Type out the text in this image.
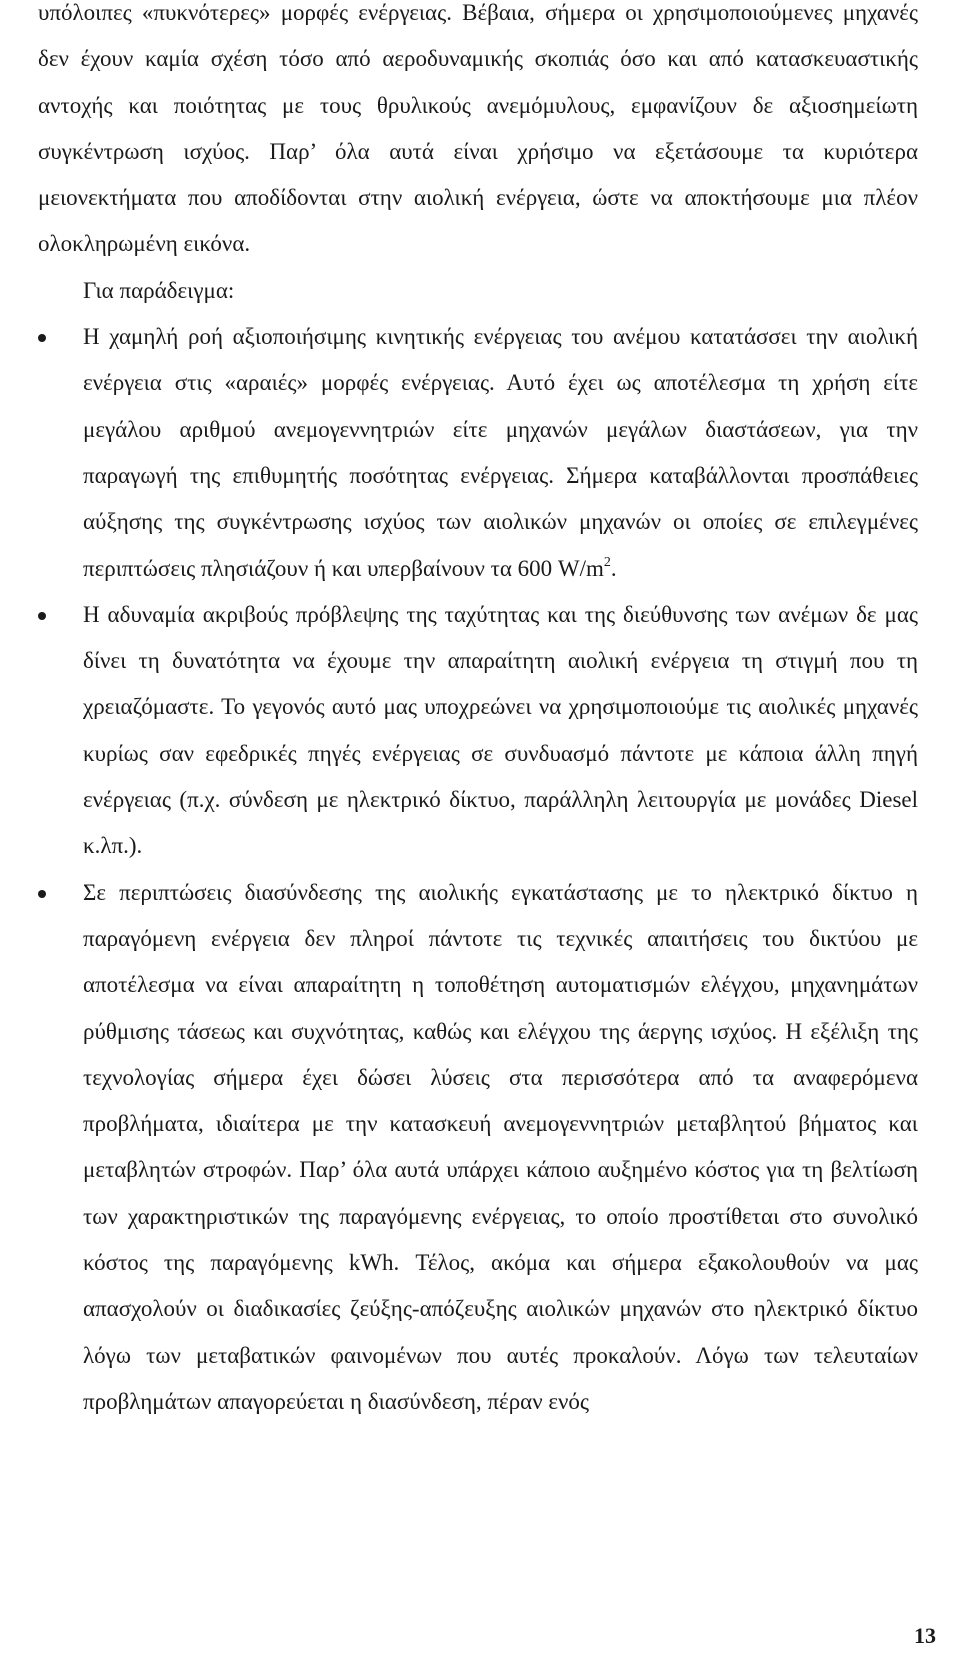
υπόλοιπες «πυκνότερες» μορφές ενέργειας. Βέβαια, σήμερα οι χρησιμοποιούμενες μηχανές δεν έχουν καμία σχέση τόσο από αεροδυναμικής σκοπιάς όσο και από κατασκευαστικής αντοχής και ποιότητας με τους θρυλικούς ανεμόμυλους, εμφανίζουν δε αξιοσημείωτη συγκέντρωση ισχύος. Παρ’ όλα αυτά είναι χρήσιμο να εξετάσουμε τα κυριότερα μειονεκτήματα που αποδίδονται στην αιολική ενέργεια, ώστε να αποκτήσουμε μια πλέον ολοκληρωμένη εικόνα.

Για παράδειγμα:

Η χαμηλή ροή αξιοποιήσιμης κινητικής ενέργειας του ανέμου κατατάσσει την αιολική ενέργεια στις «αραιές» μορφές ενέργειας. Αυτό έχει ως αποτέλεσμα τη χρήση είτε μεγάλου αριθμού ανεμογεννητριών είτε μηχανών μεγάλων διαστάσεων, για την παραγωγή της επιθυμητής ποσότητας ενέργειας. Σήμερα καταβάλλονται προσπάθειες αύξησης της συγκέντρωσης ισχύος των αιολικών μηχανών οι οποίες σε επιλεγμένες περιπτώσεις πλησιάζουν ή και υπερβαίνουν τα 600 $W/m^2$.
Η αδυναμία ακριβούς πρόβλεψης της ταχύτητας και της διεύθυνσης των ανέμων δε μας δίνει τη δυνατότητα να έχουμε την απαραίτητη αιολική ενέργεια τη στιγμή που τη χρειαζόμαστε. Το γεγονός αυτό μας υποχρεώνει να χρησιμοποιούμε τις αιολικές μηχανές κυρίως σαν εφεδρικές πηγές ενέργειας σε συνδυασμό πάντοτε με κάποια άλλη πηγή ενέργειας (π.χ. σύνδεση με ηλεκτρικό δίκτυο, παράλληλη λειτουργία με μονάδες Diesel κ.λπ.).
Σε περιπτώσεις διασύνδεσης της αιολικής εγκατάστασης με το ηλεκτρικό δίκτυο η παραγόμενη ενέργεια δεν πληροί πάντοτε τις τεχνικές απαιτήσεις του δικτύου με αποτέλεσμα να είναι απαραίτητη η τοποθέτηση αυτοματισμών ελέγχου, μηχανημάτων ρύθμισης τάσεως και συχνότητας, καθώς και ελέγχου της άεργης ισχύος. Η εξέλιξη της τεχνολογίας σήμερα έχει δώσει λύσεις στα περισσότερα από τα αναφερόμενα προβλήματα, ιδιαίτερα με την κατασκευή ανεμογεννητριών μεταβλητού βήματος και μεταβλητών στροφών. Παρ’ όλα αυτά υπάρχει κάποιο αυξημένο κόστος για τη βελτίωση των χαρακτηριστικών της παραγόμενης ενέργειας, το οποίο προστίθεται στο συνολικό κόστος της παραγόμενης kWh. Τέλος, ακόμα και σήμερα εξακολουθούν να μας απασχολούν οι διαδικασίες ζεύξης-απόζευξης αιολικών μηχανών στο ηλεκτρικό δίκτυο λόγω των μεταβατικών φαινομένων που αυτές προκαλούν. Λόγω των τελευταίων προβλημάτων απαγορεύεται η διασύνδεση, πέραν ενός
13
